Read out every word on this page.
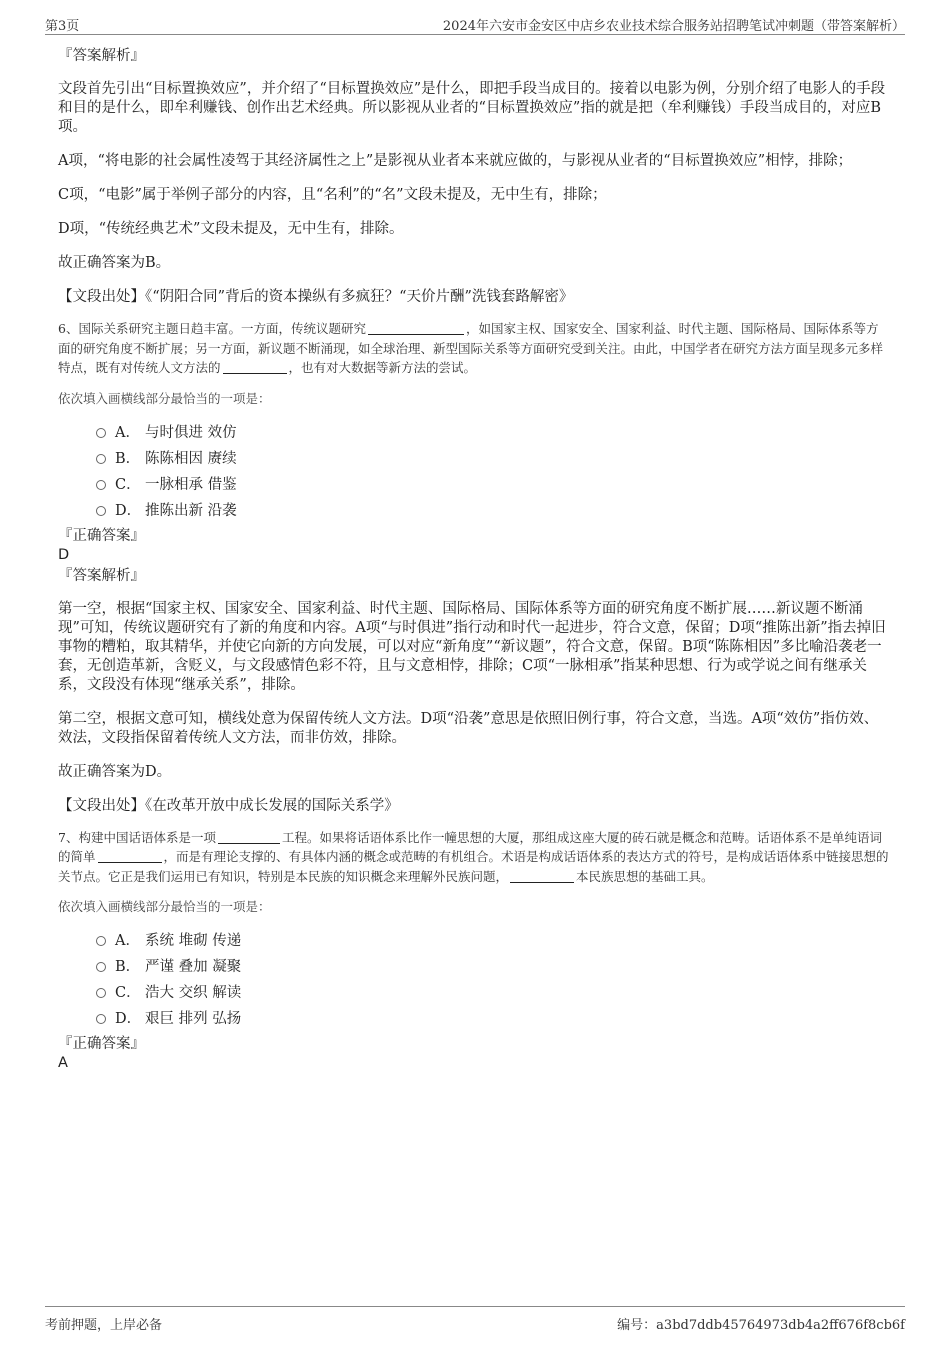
第3页	2024年六安市金安区中店乡农业技术综合服务站招聘笔试冲刺题（带答案解析）
『答案解析』

文段首先引出“目标置换效应”，并介绍了“目标置换效应”是什么，即把手段当成目的。接着以电影为例，分别介绍了电影人的手段和目的是什么，即牟利赚钱、创作出艺术经典。所以影视从业者的“目标置换效应”指的就是把（牟利赚钱）手段当成目的，对应B项。

A项，“将电影的社会属性凌驾于其经济属性之上”是影视从业者本来就应做的，与影视从业者的“目标置换效应”相悖，排除；

C项，“电影”属于举例子部分的内容，且“名利”的“名”文段未提及，无中生有，排除；

D项，“传统经典艺术”文段未提及，无中生有，排除。

故正确答案为B。

【文段出处】《“阴阳合同”背后的资本操纵有多疯狂？“天价片酬”洗钱套路解密》

6、国际关系研究主题日趋丰富。一方面，传统议题研究	，如国家主权、国家安全、国家利益、时代主题、国际格局、国际体系等方面的研究角度不断扩展；另一方面，新议题不断涌现，如全球治理、新型国际关系等方面研究受到关注。由此，中国学者在研究方法方面呈现多元多样特点，既有对传统人文方法的	，也有对大数据等新方法的尝试。

依次填入画横线部分最恰当的一项是：

A． 与时俱进 效仿
B． 陈陈相因 赓续
C． 一脉相承 借鉴
D． 推陈出新 沿袭
『正确答案』
D
『答案解析』

第一空，根据“国家主权、国家安全、国家利益、时代主题、国际格局、国际体系等方面的研究角度不断扩展……新议题不断涌现”可知，传统议题研究有了新的角度和内容。A项“与时俱进”指行动和时代一起进步，符合文意，保留；D项“推陈出新”指去掉旧事物的糟粕，取其精华，并使它向新的方向发展，可以对应“新角度”“新议题”，符合文意，保留。B项“陈陈相因”多比喻沿袭老一套，无创造革新，含贬义，与文段感情色彩不符，且与文意相悖，排除；C项“一脉相承”指某种思想、行为或学说之间有继承关系，文段没有体现“继承关系”，排除。

第二空，根据文意可知，横线处意为保留传统人文方法。D项“沿袭”意思是依照旧例行事，符合文意，当选。A项“效仿”指仿效、效法，文段指保留着传统人文方法，而非仿效，排除。

故正确答案为D。

【文段出处】《在改革开放中成长发展的国际关系学》

7、构建中国话语体系是一项	工程。如果将话语体系比作一幢思想的大厦，那组成这座大厦的砖石就是概念和范畴。话语体系不是单纯语词的简单	，而是有理论支撑的、有具体内涵的概念或范畴的有机组合。术语是构成话语体系的表达方式的符号，是构成话语体系中链接思想的关节点。它正是我们运用已有知识，特别是本民族的知识概念来理解外民族问题，	本民族思想的基础工具。

依次填入画横线部分最恰当的一项是：

A． 系统 堆砌 传递
B． 严谨 叠加 凝聚
C． 浩大 交织 解读
D． 艰巨 排列 弘扬
『正确答案』
A
考前押题，上岸必备	编号：a3bd7ddb45764973db4a2ff676f8cb6f
